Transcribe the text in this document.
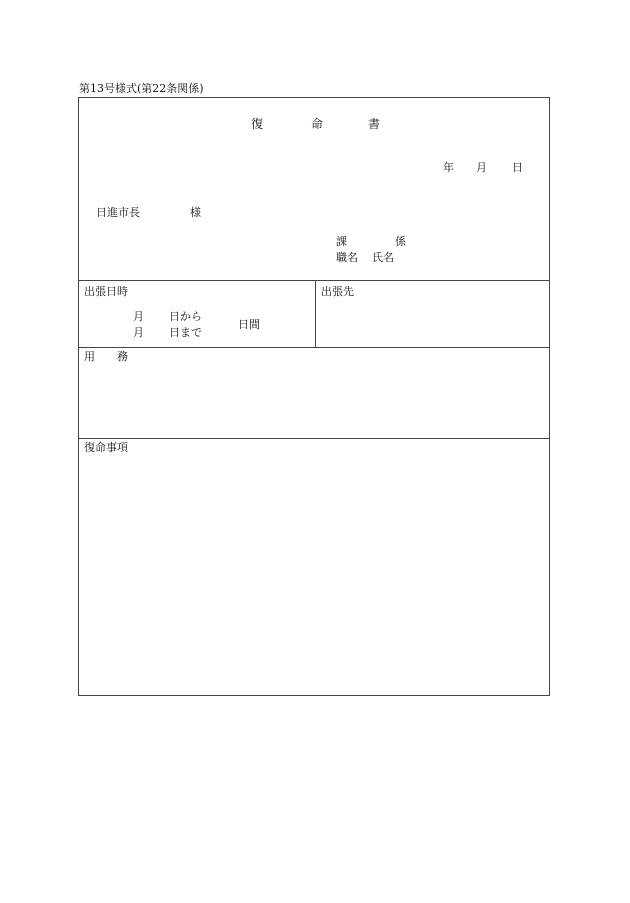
第13号様式(第22条関係)
復	命	書
年 月 日
日進市長	様
課	係
職名 氏名
出張日時
月 日から
月 日まで
日間
出張先
用　　務
復命事項
